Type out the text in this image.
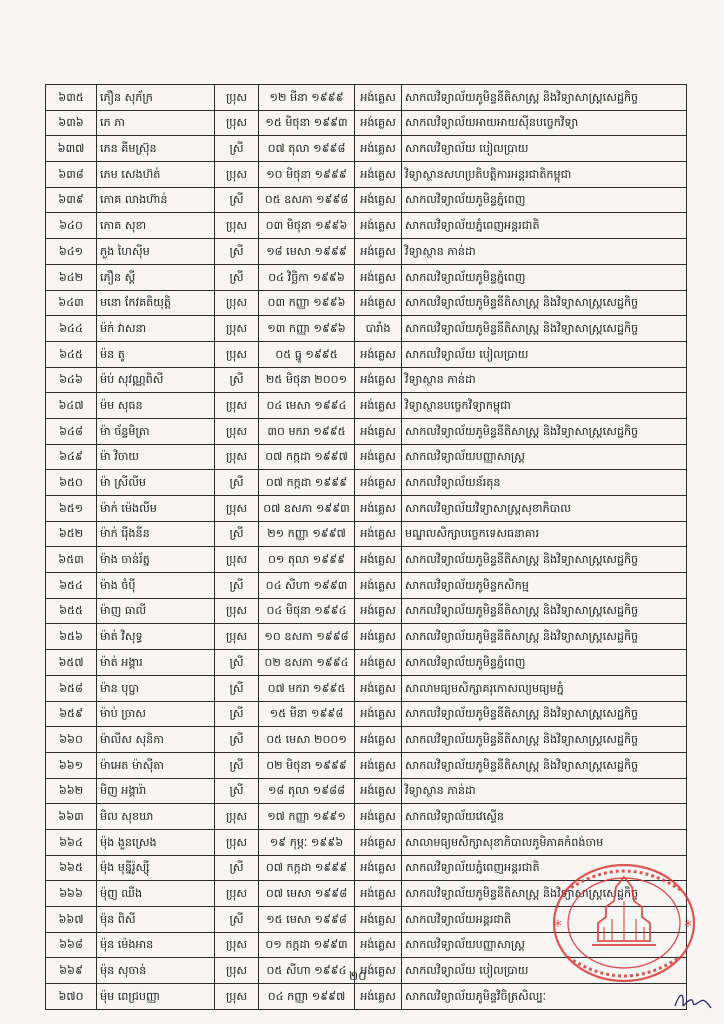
៦៣៥	ភឿន សុភ័ក្រ	ប្រុស	១២ មីនា ១៩៩៩	អង់គ្លេស	សាកលវិទ្យាល័យភូមិន្ទនីតិសាស្ត្រ និងវិទ្យាសាស្ត្រសេដ្ឋកិច្ច
៦៣៦	ភេ ភា	ប្រុស	១៥ មិថុនា ១៩៩៣	អង់គ្លេស	សាកលវិទ្យាល័យអាយអាយស៊ីនបច្ចេកវិទ្យា
៦៣៧	ភេន គីមស្រ៊ុន	ស្រី	០៧ តុលា ១៩៩៨	អង់គ្លេស	សាកលវិទ្យាល័យ បៀលប្រាយ
៦៣៨	ភេម សេងហ៊ត់	ប្រុស	១០ មិថុនា ១៩៩៩	អង់គ្លេស	វិទ្យាស្ថានសហប្រតិបត្តិការអន្តរជាតិកម្ពុជា
៦៣៩	ភោគ លាងហ៊ាន់	ស្រី	០៥ ឧសភា ១៩៩៨	អង់គ្លេស	សាកលវិទ្យាល័យភូមិន្ទភ្នំពេញ
៦៤០	ភោគ សុខា	ប្រុស	០៣ មិថុនា ១៩៩៦	អង់គ្លេស	សាកលវិទ្យាល័យភ្នំពេញអន្តរជាតិ
៦៤១	ភួង ហៃស៊ីម	ស្រី	១៨ មេសា ១៩៩៩	អង់គ្លេស	វិទ្យាស្ថាន ភាន់ដា
៦៤២	ភឿន ស្តី	ស្រី	០៤ វិច្ឆិកា ១៩៩៦	អង់គ្លេស	សាកលវិទ្យាល័យភូមិន្ទភ្នំពេញ
៦៤៣	មនោ កែវគតិយុត្តិ	ប្រុស	០៣ កញ្ញា ១៩៩៦	អង់គ្លេស	សាកលវិទ្យាល័យភូមិន្ទនីតិសាស្ត្រ និងវិទ្យាសាស្ត្រសេដ្ឋកិច្ច
៦៤៤	ម៉ក់ វាសនា	ប្រុស	១៣ កញ្ញា ១៩៩៦	បារាំង	សាកលវិទ្យាល័យភូមិន្ទនីតិសាស្ត្រ និងវិទ្យាសាស្ត្រសេដ្ឋកិច្ច
៦៤៥	ម៉ន តូ	ប្រុស	០៥ ធ្នូ ១៩៩៥	អង់គ្លេស	សាកលវិទ្យាល័យ បៀលប្រាយ
៦៤៦	ម៉ប់ សុវណ្ណពិសី	ស្រី	២៥ មិថុនា ២០០១	អង់គ្លេស	វិទ្យាស្ថាន ភាន់ដា
៦៤៧	ម៉ម សុធន	ប្រុស	០៤ មេសា ១៩៩៤	អង់គ្លេស	វិទ្យាស្ថានបច្ចេកវិទ្យាកម្ពុជា
៦៤៨	ម៉ា ច័ន្ទមិត្រា	ប្រុស	៣០ មករា ១៩៩៥	អង់គ្លេស	សាកលវិទ្យាល័យភូមិន្ទនីតិសាស្ត្រ និងវិទ្យាសាស្ត្រសេដ្ឋកិច្ច
៦៤៩	ម៉ា វិចាយ	ប្រុស	០៧ កក្កដា ១៩៩៧	អង់គ្លេស	សាកលវិទ្យាល័យបញ្ញាសាស្ត្រ
៦៥០	ម៉ា ស្រីលីម	ស្រី	០៧ កក្កដា ១៩៩៩	អង់គ្លេស	សាកលវិទ្យាល័យន័រតុន
៦៥១	ម៉ាក់ ម៉េងលីម	ប្រុស	០៧ ឧសភា ១៩៩៣	អង់គ្លេស	សាកលវិទ្យាល័យវិទ្យាសាស្ត្រសុខាភិបាល
៦៥២	ម៉ាក់ រ៉ើងនីន	ស្រី	២១ កញ្ញា ១៩៩៧	អង់គ្លេស	មណ្ឌលសិក្សាបច្ចេកទេសធនាគារ
៦៥៣	ម៉ាង ចាន់រ័ត្ន	ប្រុស	០១ តុលា ១៩៩៩	អង់គ្លេស	សាកលវិទ្យាល័យភូមិន្ទនីតិសាស្ត្រ និងវិទ្យាសាស្ត្រសេដ្ឋកិច្ច
៦៥៤	ម៉ាង ចំប៉ី	ស្រី	០៤ សីហា ១៩៩៣	អង់គ្លេស	សាកលវិទ្យាល័យភូមិន្ទកសិកម្ម
៦៥៥	ម៉ាញ ធាលី	ប្រុស	០៤ មិថុនា ១៩៩៤	អង់គ្លេស	សាកលវិទ្យាល័យភូមិន្ទនីតិសាស្ត្រ និងវិទ្យាសាស្ត្រសេដ្ឋកិច្ច
៦៥៦	ម៉ាត់ វិសុទ្ធ	ប្រុស	១០ ឧសភា ១៩៩៨	អង់គ្លេស	សាកលវិទ្យាល័យភូមិន្ទនីតិសាស្ត្រ និងវិទ្យាសាស្ត្រសេដ្ឋកិច្ច
៦៥៧	ម៉ាត់ អង្គារ	ស្រី	០២ ឧសភា ១៩៩៤	អង់គ្លេស	សាកលវិទ្យាល័យភូមិន្ទភ្នំពេញ
៦៥៨	ម៉ាន បុប្ផា	ស្រី	០៧ មករា ១៩៩៥	អង់គ្លេស	សាលាមធ្យមសិក្សាគរុកោសល្យមធ្យមភ្នំ
៦៥៩	ម៉ាប់ ច្រាស	ស្រី	១៥ មីនា ១៩៩៨	អង់គ្លេស	សាកលវិទ្យាល័យភូមិន្ទនីតិសាស្ត្រ និងវិទ្យាសាស្ត្រសេដ្ឋកិច្ច
៦៦០	ម៉ាលីស សុនិកា	ស្រី	០៥ មេសា ២០០១	អង់គ្លេស	សាកលវិទ្យាល័យភូមិន្ទនីតិសាស្ត្រ និងវិទ្យាសាស្ត្រសេដ្ឋកិច្ច
៦៦១	ម៉ាអេត ម៉ាស៊ីតា	ស្រី	០២ មិថុនា ១៩៩៩	អង់គ្លេស	សាកលវិទ្យាល័យភូមិន្ទនីតិសាស្ត្រ និងវិទ្យាសាស្ត្រសេដ្ឋកិច្ច
៦៦២	មិញ អង្គារ៉ា	ស្រី	១៨ តុលា ១៩៨៨	អង់គ្លេស	វិទ្យាស្ថាន ភាន់ដា
៦៦៣	មិល សុខឃា	ប្រុស	១៧ កញ្ញា ១៩៩១	អង់គ្លេស	សាកលវិទ្យាល័យវេស្ទើន
៦៦៤	ម៉ុង ងួនស្រេង	ប្រុស	១៩ កុម្ភៈ ១៩៩៦	អង់គ្លេស	សាលាមធ្យមសិក្សាសុខាភិបាលភូមិភាគកំពង់ចាម
៦៦៥	ម៉ុង មុន្នីរ៉ូស្ស៊ី	ស្រី	០៧ កក្កដា ១៩៩៩	អង់គ្លេស	សាកលវិទ្យាល័យភ្នំពេញអន្តរជាតិ
៦៦៦	ម៉ុញ ឈីង	ប្រុស	០៧ មេសា ១៩៩៨	អង់គ្លេស	សាកលវិទ្យាល័យភូមិន្ទនីតិសាស្ត្រ និងវិទ្យាសាស្ត្រសេដ្ឋកិច្ច
៦៦៧	ម៉ុន ពិសី	ស្រី	១៥ មេសា ១៩៩៨	អង់គ្លេស	សាកលវិទ្យាល័យអន្តរជាតិ
៦៦៨	ម៉ុន ម៉េងអាន	ប្រុស	០១ កក្កដា ១៩៩៣	អង់គ្លេស	សាកលវិទ្យាល័យបញ្ញាសាស្ត្រ
៦៦៩	ម៉ុន សុចាន់	ប្រុស	០៥ សីហា ១៩៩៤	អង់គ្លេស	សាកលវិទ្យាល័យ បៀលប្រាយ
៦៧០	ម៉ុម ពេជ្របញ្ញា	ប្រុស	០៤ កញ្ញា ១៩៩៧	អង់គ្លេស	សាកលវិទ្យាល័យភូមិន្ទវិចិត្រសិល្បៈ
២០
*	*
